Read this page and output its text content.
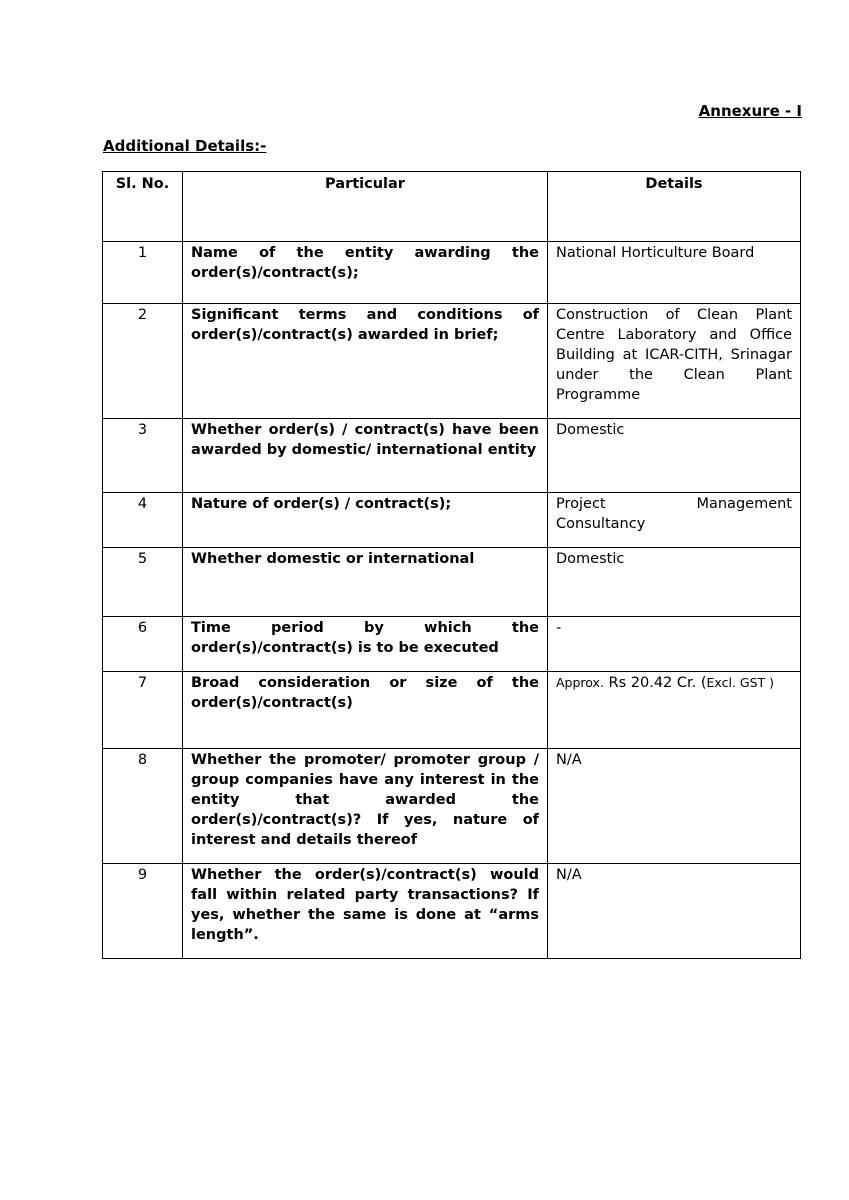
Annexure - I
Additional Details:-
Sl. No.	Particular	Details
1	Name of the entity awarding the order(s)/contract(s);	National Horticulture Board
2	Significant terms and conditions of order(s)/contract(s) awarded in brief;	Construction of Clean Plant Centre Laboratory and Office Building at ICAR-CITH, Srinagar under the Clean Plant Programme
3	Whether order(s) / contract(s) have been awarded by domestic/ international entity	Domestic
4	Nature of order(s) / contract(s);	Project Management Consultancy
5	Whether domestic or international	Domestic
6	Time period by which the order(s)/contract(s) is to be executed	-
7	Broad consideration or size of the order(s)/contract(s)	Approx. Rs 20.42 Cr. (Excl. GST )
8	Whether the promoter/ promoter group / group companies have any interest in the entity that awarded the order(s)/contract(s)? If yes, nature of interest and details thereof	N/A
9	Whether the order(s)/contract(s) would fall within related party transactions? If yes, whether the same is done at “arms length”.	N/A
